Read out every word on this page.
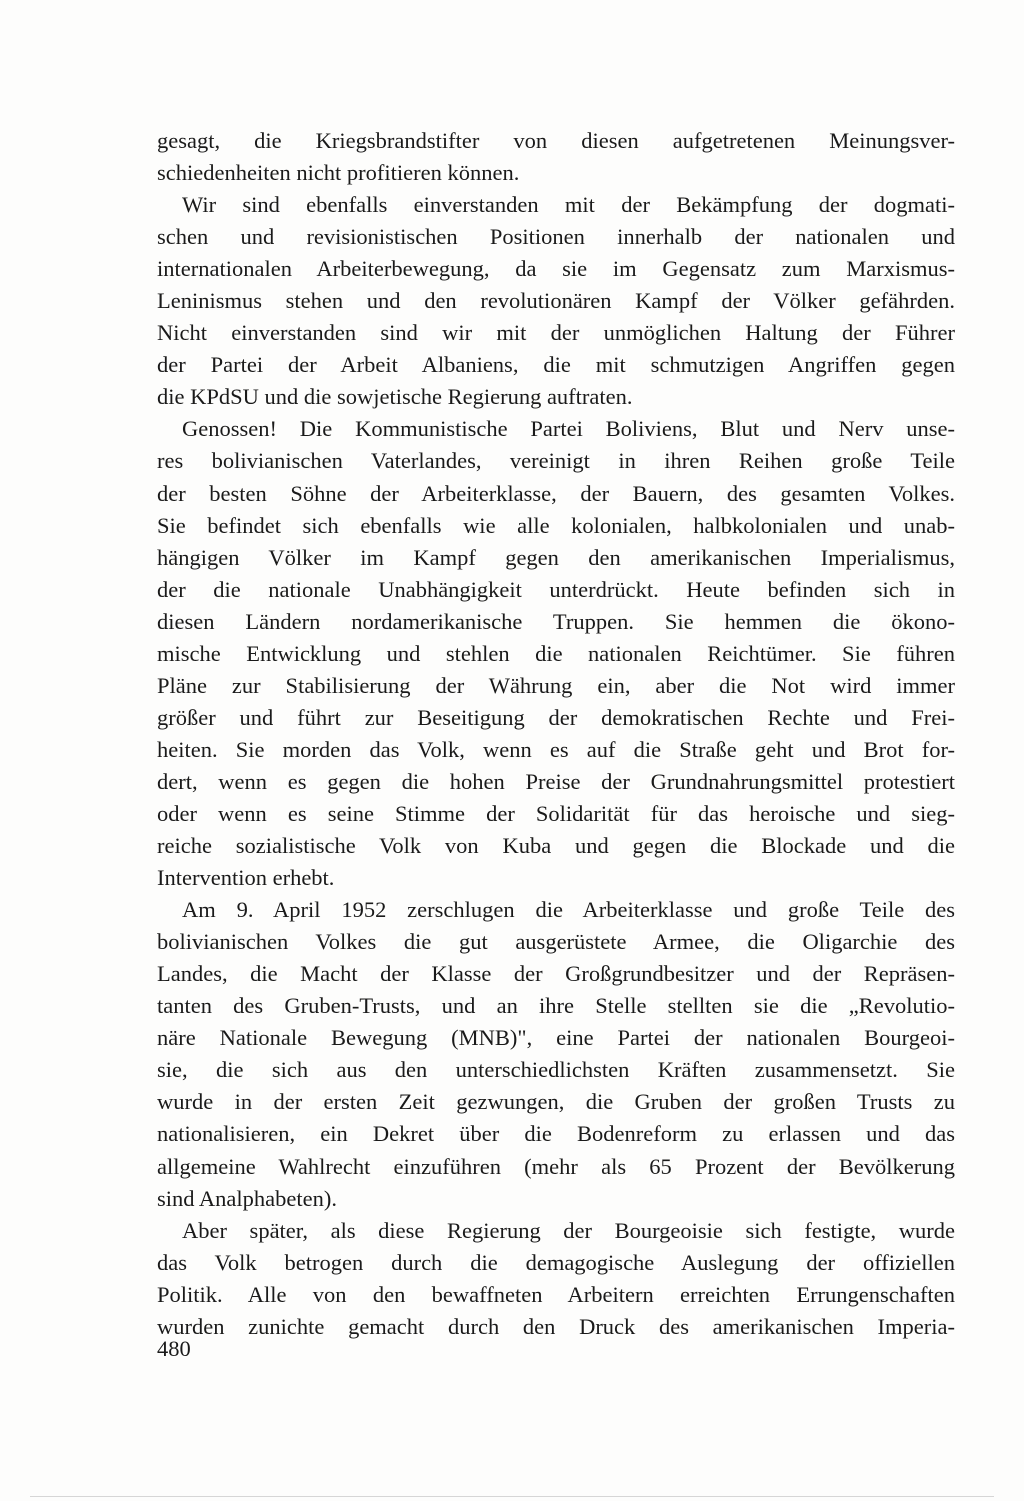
gesagt, die Kriegsbrandstifter von diesen aufgetretenen Meinungsver-
schiedenheiten nicht profitieren können.
Wir sind ebenfalls einverstanden mit der Bekämpfung der dogmati-
schen und revisionistischen Positionen innerhalb der nationalen und
internationalen Arbeiterbewegung, da sie im Gegensatz zum Marxismus-
Leninismus stehen und den revolutionären Kampf der Völker gefährden.
Nicht einverstanden sind wir mit der unmöglichen Haltung der Führer
der Partei der Arbeit Albaniens, die mit schmutzigen Angriffen gegen
die KPdSU und die sowjetische Regierung auftraten.
Genossen! Die Kommunistische Partei Boliviens, Blut und Nerv unse-
res bolivianischen Vaterlandes, vereinigt in ihren Reihen große Teile
der besten Söhne der Arbeiterklasse, der Bauern, des gesamten Volkes.
Sie befindet sich ebenfalls wie alle kolonialen, halbkolonialen und unab-
hängigen Völker im Kampf gegen den amerikanischen Imperialismus,
der die nationale Unabhängigkeit unterdrückt. Heute befinden sich in
diesen Ländern nordamerikanische Truppen. Sie hemmen die ökono-
mische Entwicklung und stehlen die nationalen Reichtümer. Sie führen
Pläne zur Stabilisierung der Währung ein, aber die Not wird immer
größer und führt zur Beseitigung der demokratischen Rechte und Frei-
heiten. Sie morden das Volk, wenn es auf die Straße geht und Brot for-
dert, wenn es gegen die hohen Preise der Grundnahrungsmittel protestiert
oder wenn es seine Stimme der Solidarität für das heroische und sieg-
reiche sozialistische Volk von Kuba und gegen die Blockade und die
Intervention erhebt.
Am 9. April 1952 zerschlugen die Arbeiterklasse und große Teile des
bolivianischen Volkes die gut ausgerüstete Armee, die Oligarchie des
Landes, die Macht der Klasse der Großgrundbesitzer und der Repräsen-
tanten des Gruben-Trusts, und an ihre Stelle stellten sie die „Revolutio-
näre Nationale Bewegung (MNB)", eine Partei der nationalen Bourgeoi-
sie, die sich aus den unterschiedlichsten Kräften zusammensetzt. Sie
wurde in der ersten Zeit gezwungen, die Gruben der großen Trusts zu
nationalisieren, ein Dekret über die Bodenreform zu erlassen und das
allgemeine Wahlrecht einzuführen (mehr als 65 Prozent der Bevölkerung
sind Analphabeten).
Aber später, als diese Regierung der Bourgeoisie sich festigte, wurde
das Volk betrogen durch die demagogische Auslegung der offiziellen
Politik. Alle von den bewaffneten Arbeitern erreichten Errungenschaften
wurden zunichte gemacht durch den Druck des amerikanischen Imperia-
480
